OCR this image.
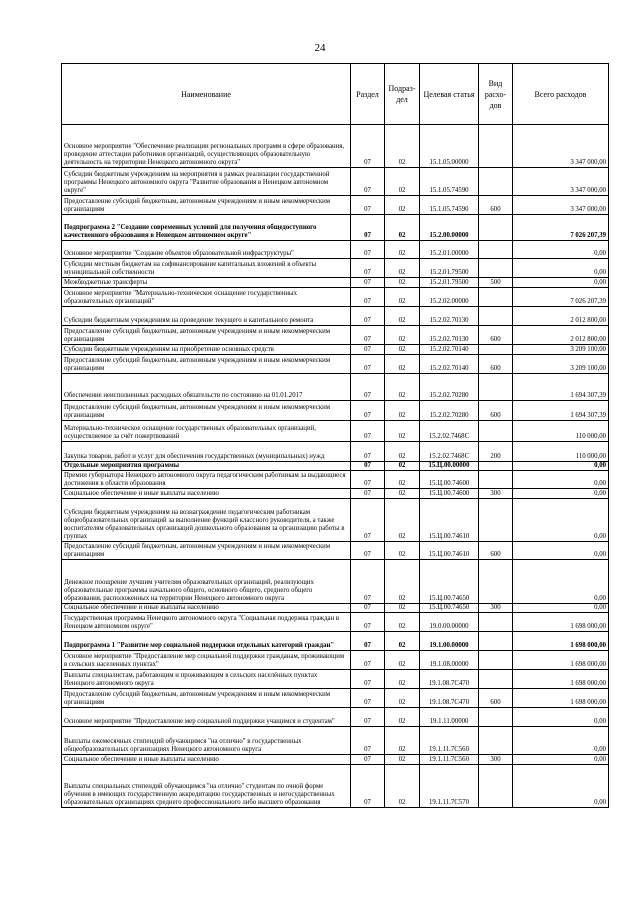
24
Наименование	Раздел	Подраз-дел	Целевая статья	Вид расхо-дов	Всего расходов
Основное мероприятие "Обеспечение реализации региональных программ в сфере образования, проведение аттестации работников организаций, осуществляющих образовательную деятельность на территории Ненецкого автономного округа"	07	02	15.1.05.00000		3 347 000,00
Субсидии бюджетным учреждениям на мероприятия в рамках реализации государственной программы Ненецкого автономного округа "Развитие образования в Ненецком автономном округе"	07	02	15.1.05.74590		3 347 000,00
Предоставление субсидий бюджетным, автономным учреждениям и иным некоммерческим организациям	07	02	15.1.05.74590	600	3 347 000,00
Подпрограмма 2 "Создание современных условий для получения общедоступного качественного образования в Ненецком автономном округе"	07	02	15.2.00.00000		7 026 207,39
Основное мероприятие "Создание объектов образовательной инфраструктуры"	07	02	15.2.01.00000		0,00
Субсидии местным бюджетам на софинансирование капитальных вложений в объекты муниципальной собственности	07	02	15.2.01.79500		0,00
Межбюджетные трансферты	07	02	15.2.01.79500	500	0,00
Основное мероприятие "Материально-техническое оснащение государственных образовательных организаций"	07	02	15.2.02.00000		7 026 207,39
Субсидии бюджетным учреждениям на проведение текущего и капитального ремонта	07	02	15.2.02.70130		2 012 800,00
Предоставление субсидий бюджетным, автономным учреждениям и иным некоммерческим организациям	07	02	15.2.02.70130	600	2 012 800,00
Субсидии бюджетным учреждениям на приобретение основных средств	07	02	15.2.02.70140		3 209 100,00
Предоставление субсидий бюджетным, автономным учреждениям и иным некоммерческим организациям	07	02	15.2.02.70140	600	3 209 100,00
Обеспечение неисполненных расходных обязательств по состоянию на 01.01.2017	07	02	15.2.02.70280		1 694 307,39
Предоставление субсидий бюджетным, автономным учреждениям и иным некоммерческим организациям	07	02	15.2.02.70280	600	1 694 307,39
Материально-техническое оснащение государственных образовательных организаций, осуществляемое за счёт пожертвований	07	02	15.2.02.7468C		110 000,00
Закупка товаров, работ и услуг для обеспечения государственных (муниципальных) нужд	07	02	15.2.02.7468C	200	110 000,00
Отдельные мероприятия программы	07	02	15.Ц.00.00000		0,00
Премии губернатора Ненецкого автономного округа педагогическим работникам за выдающиеся достижения в области образования	07	02	15.Ц.00.74600		0,00
Социальное обеспечение и иные выплаты населению	07	02	15.Ц.00.74600	300	0,00
Субсидии бюджетным учреждениям на вознаграждение педагогическим работникам общеобразовательных организаций за выполнение функций классного руководителя, а также воспитателям образовательных организаций дошкольного образования за организацию работы в группах	07	02	15.Ц.00.74610		0,00
Предоставление субсидий бюджетным, автономным учреждениям и иным некоммерческим организациям	07	02	15.Ц.00.74610	600	0,00
Денежное поощрение лучшим учителям образовательных организаций, реализующих образовательные программы начального общего, основного общего, среднего общего образования, расположенных на территории Ненецкого автономного округа	07	02	15.Ц.00.74650		0,00
Социальное обеспечение и иные выплаты населению	07	02	15.Ц.00.74650	300	0,00
Государственная программа Ненецкого автономного округа "Социальная поддержка граждан в Ненецком автономном округе"	07	02	19.0.00.00000		1 698 000,00
Подпрограмма 1 "Развитие мер социальной поддержки отдельных категорий граждан"	07	02	19.1.00.00000		1 698 000,00
Основное мероприятие "Предоставление мер социальной поддержки гражданам, проживающим в сельских населенных пунктах"	07	02	19.1.08.00000		1 698 000,00
Выплаты специалистам, работающим и проживающим в сельских населённых пунктах Ненецкого автономного округа	07	02	19.1.08.7C470		1 698 000,00
Предоставление субсидий бюджетным, автономным учреждениям и иным некоммерческим организациям	07	02	19.1.08.7C470	600	1 698 000,00
Основное мероприятие "Предоставление мер социальной поддержки учащимся и студентам"	07	02	19.1.11.00000		0,00
Выплаты ежемесячных стипендий обучающимся "на отлично" в государственных общеобразовательных организациях Ненецкого автономного округа	07	02	19.1.11.7C560		0,00
Социальное обеспечение и иные выплаты населению	07	02	19.1.11.7C560	300	0,00
Выплаты специальных стипендий обучающимся "на отлично" студентам по очной форме обучения в имеющих государственную аккредитацию государственных и негосударственных образовательных организациях среднего профессионального либо высшего образования	07	02	19.1.11.7C570		0,00
